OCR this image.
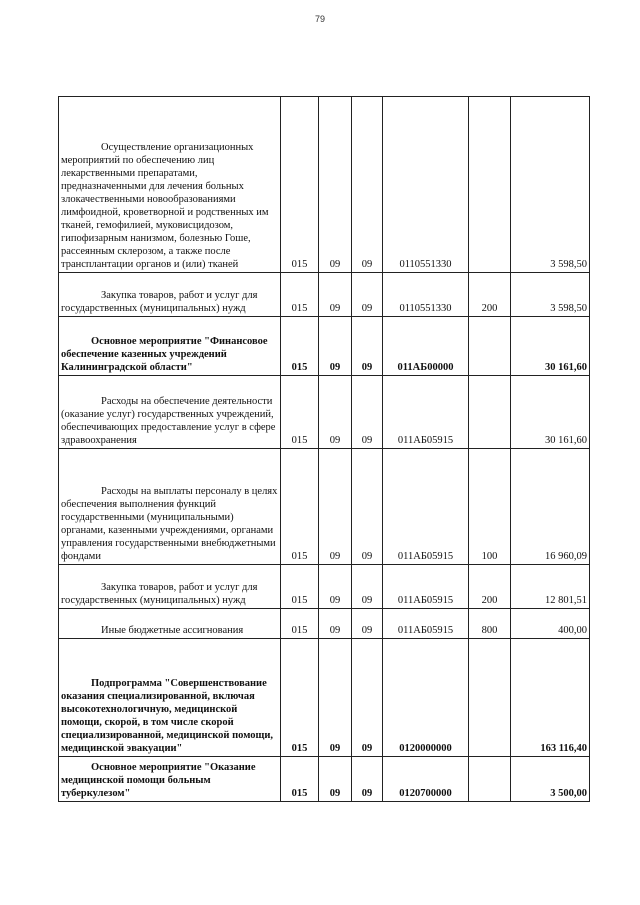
79
Осуществление организационных мероприятий по обеспечению лиц лекарственными препаратами, предназначенными для лечения больных злокачественными новообразованиями лимфоидной, кроветворной и родственных им тканей, гемофилией, муковисцидозом, гипофизарным нанизмом, болезнью Гоше, рассеянным склерозом, а также после трансплантации органов и (или) тканей	015	09	09	0110551330		3 598,50
Закупка товаров, работ и услуг для государственных (муниципальных) нужд	015	09	09	0110551330	200	3 598,50
Основное мероприятие "Финансовое обеспечение казенных учреждений Калининградской области"	015	09	09	011АБ00000		30 161,60
Расходы на обеспечение деятельности (оказание услуг) государственных учреждений, обеспечивающих предоставление услуг в сфере здравоохранения	015	09	09	011АБ05915		30 161,60
Расходы на выплаты персоналу в целях обеспечения выполнения функций государственными (муниципальными) органами, казенными учреждениями, органами управления государственными внебюджетными фондами	015	09	09	011АБ05915	100	16 960,09
Закупка товаров, работ и услуг для государственных (муниципальных) нужд	015	09	09	011АБ05915	200	12 801,51
Иные бюджетные ассигнования	015	09	09	011АБ05915	800	400,00
Подпрограмма "Совершенствование оказания специализированной, включая высокотехнологичную, медицинской помощи, скорой, в том числе скорой специализированной, медицинской помощи, медицинской эвакуации"	015	09	09	0120000000		163 116,40
Основное мероприятие "Оказание медицинской помощи больным туберкулезом"	015	09	09	0120700000		3 500,00
